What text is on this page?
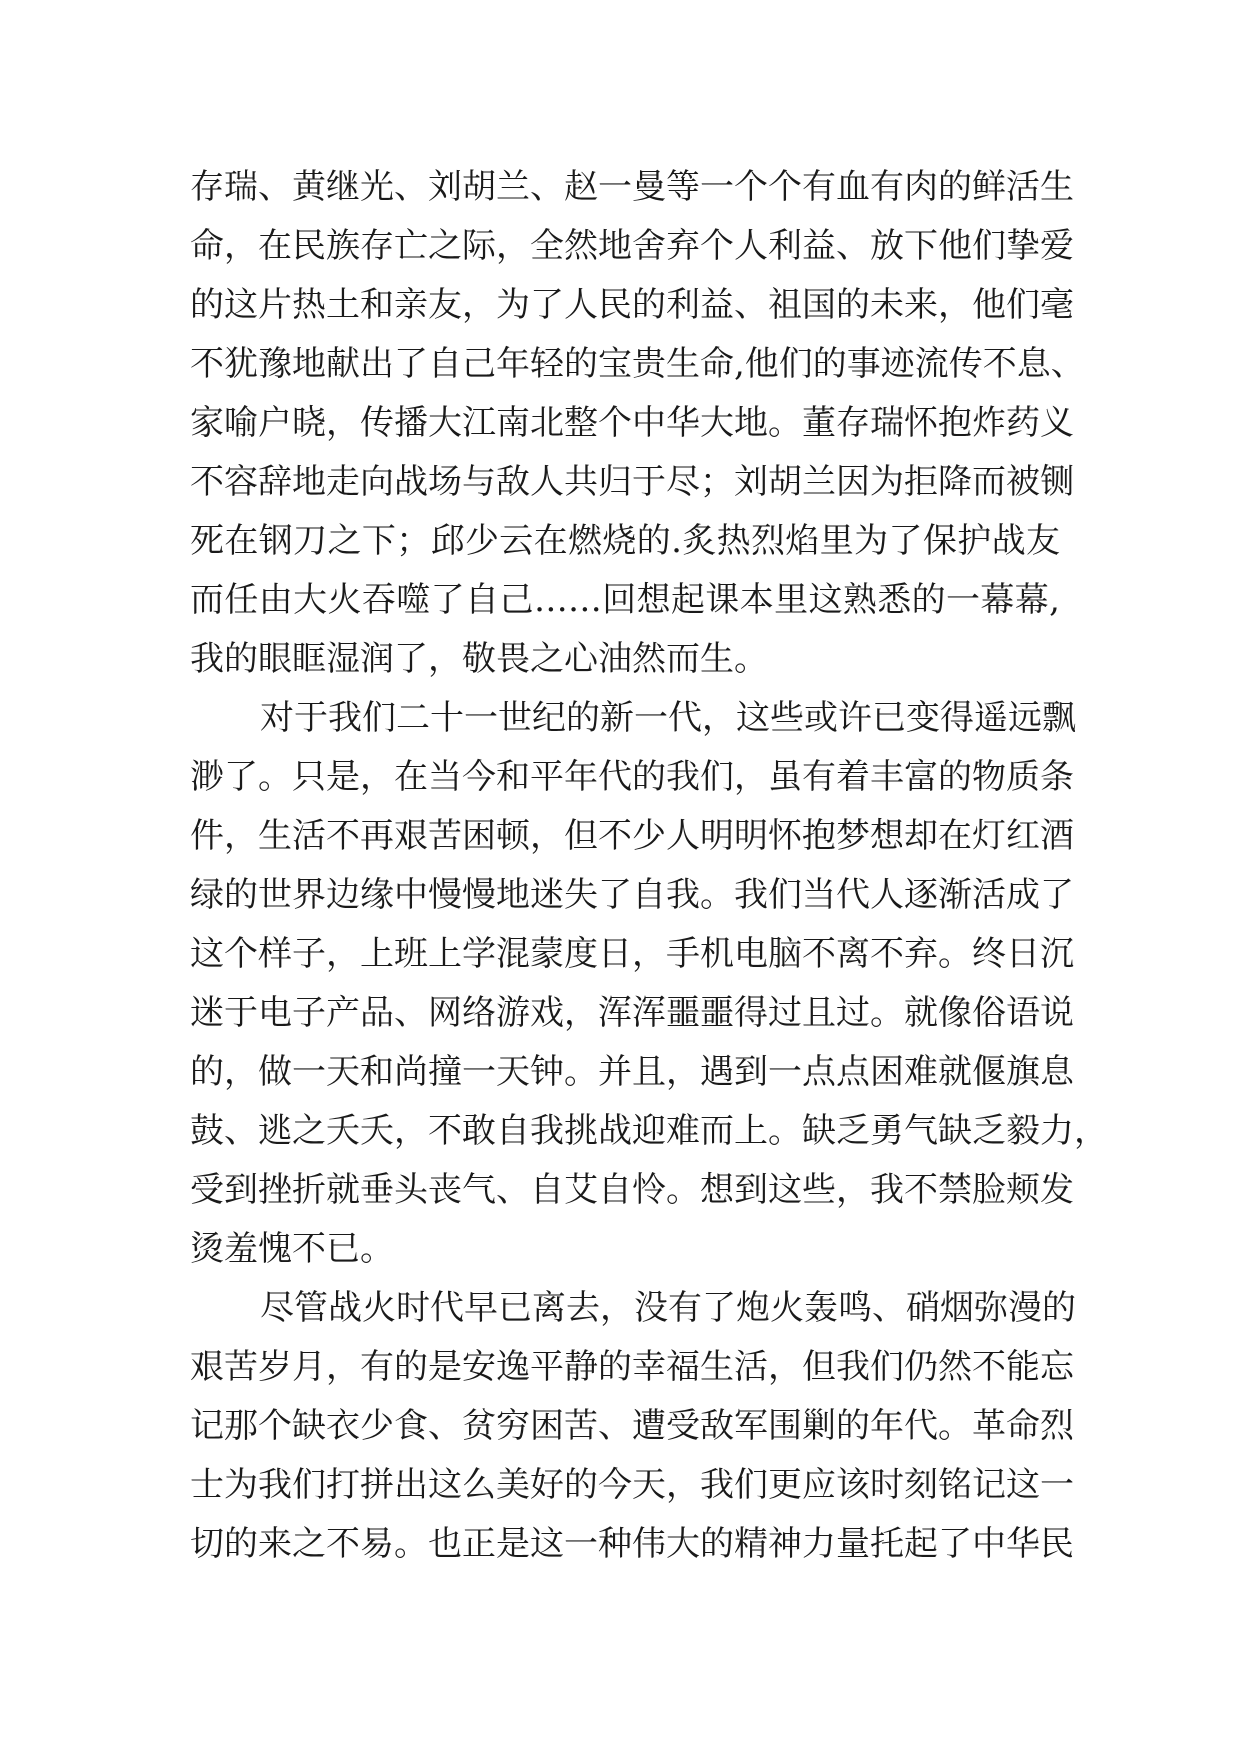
存瑞、黄继光、刘胡兰、赵一曼等一个个有血有肉的鲜活生
命，在民族存亡之际，全然地舍弃个人利益、放下他们挚爱
的这片热土和亲友，为了人民的利益、祖国的未来，他们毫
不犹豫地献出了自己年轻的宝贵生命,他们的事迹流传不息、
家喻户晓，传播大江南北整个中华大地。董存瑞怀抱炸药义
不容辞地走向战场与敌人共归于尽；刘胡兰因为拒降而被铡
死在钢刀之下；邱少云在燃烧的.炙热烈焰里为了保护战友
而任由大火吞噬了自己……回想起课本里这熟悉的一幕幕,
我的眼眶湿润了，敬畏之心油然而生。
对于我们二十一世纪的新一代，这些或许已变得遥远飘
渺了。只是，在当今和平年代的我们，虽有着丰富的物质条
件，生活不再艰苦困顿，但不少人明明怀抱梦想却在灯红酒
绿的世界边缘中慢慢地迷失了自我。我们当代人逐渐活成了
这个样子，上班上学混蒙度日，手机电脑不离不弃。终日沉
迷于电子产品、网络游戏，浑浑噩噩得过且过。就像俗语说
的，做一天和尚撞一天钟。并且，遇到一点点困难就偃旗息
鼓、逃之夭夭，不敢自我挑战迎难而上。缺乏勇气缺乏毅力，
受到挫折就垂头丧气、自艾自怜。想到这些，我不禁脸颊发
烫羞愧不已。
尽管战火时代早已离去，没有了炮火轰鸣、硝烟弥漫的
艰苦岁月，有的是安逸平静的幸福生活，但我们仍然不能忘
记那个缺衣少食、贫穷困苦、遭受敌军围剿的年代。革命烈
士为我们打拼出这么美好的今天，我们更应该时刻铭记这一
切的来之不易。也正是这一种伟大的精神力量托起了中华民
